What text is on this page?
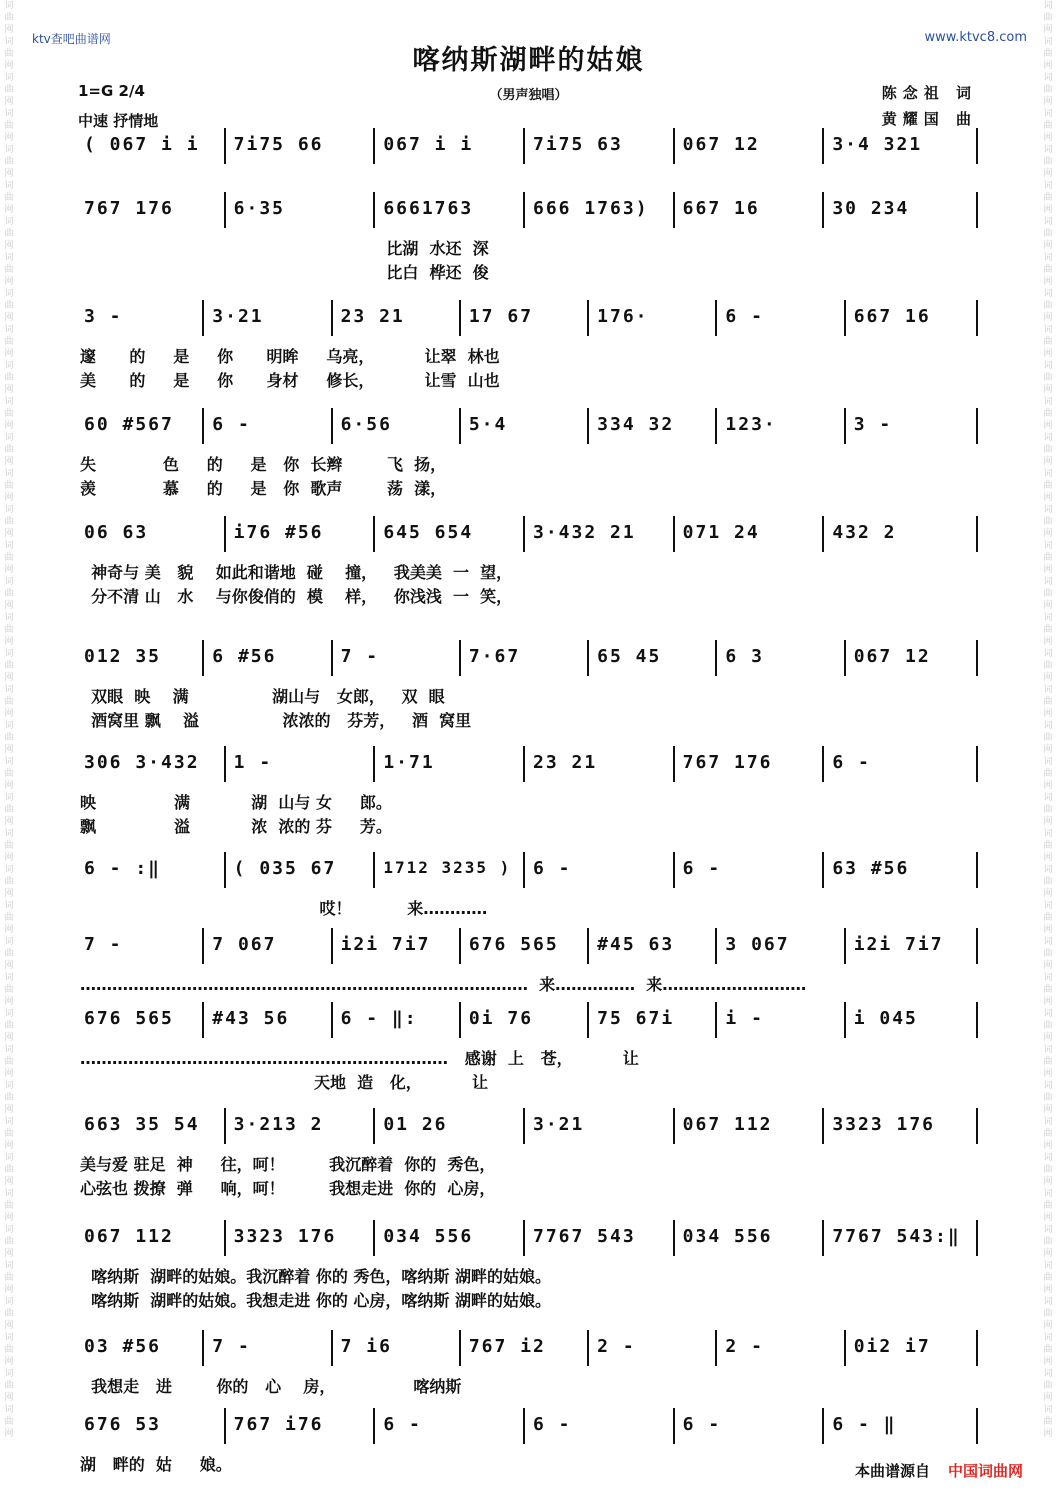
词曲网词曲网词曲网词曲网词曲网词曲网词曲网词曲网词曲网词曲网词曲网词曲网词曲网词曲网词曲网词曲网词曲网词曲网词曲网词曲网词曲网词曲网词曲网词曲网词曲网词曲网词曲网词曲网词曲网词曲网词曲网词曲网词曲网词曲网词曲网词曲网词曲网词曲网词曲网词曲网
词曲网词曲网词曲网词曲网词曲网词曲网词曲网词曲网词曲网词曲网词曲网词曲网词曲网词曲网词曲网词曲网词曲网词曲网词曲网词曲网词曲网词曲网词曲网词曲网词曲网词曲网词曲网词曲网词曲网词曲网词曲网词曲网词曲网词曲网词曲网词曲网词曲网词曲网词曲网词曲网
ktv查吧曲谱网	www.ktvc8.com
喀纳斯湖畔的姑娘
（男声独唱）
1=G 2/4
中速 抒情地
陈念祖 词
黄耀国 曲
( 067 i i 7i75 66	067 i i	7i75 63	067 12	3·4 321
767 176	6·35	6661763	666 1763) 667 16	30 234
比湖  水还  深
比白  桦还  俊
3 -	3·21	23 21	17 67	176·	6 -	667 16
邃      的     是     你      明眸     乌亮，         让翠  林也
美      的     是     你      身材     修长，         让雪  山也
60 #567 6 -	6·56	5·4	334 32	123·	3 -
失            色     的     是   你  长辫        飞  扬，
羡            慕     的     是   你  歌声        荡  漾，
06 63	i76 #56	645 654	3·432 21	071 24	432 2
神奇与 美   貌    如此和谐地  碰    撞，   我美美  一  望，
分不清 山   水    与你俊俏的  模    样，   你浅浅  一  笑，
012 35	6 #56	7 -	7·67	65 45	6 3	067 12
双眼  映    满               湖山与   女郎，   双  眼
酒窝里 飘    溢               浓浓的   芬芳，   酒  窝里
306 3·432 1 -	1·71	23 21	767 176	6 -
映              满           湖  山与 女     郎。
飘              溢           浓  浓的 芬     芳。
6 - :‖	( 035 67	1712 3235 ) 6 -	6 -	63 #56
哎！          来…………
7 -	7 067	i2i 7i7 676 565 #45 63	3 067	i2i 7i7
…………………………………………………………………………  来……………  来………………………
676 565 #43 56	6 - ‖:	0i 76	75 67i	i -	i 045
……………………………………………………………   感谢  上   苍，         让
天地  造   化，         让
663 35 54 3·213 2	01 26	3·21	067 112	3323 176
美与爱 驻足  神     往，呵！        我沉醉着  你的  秀色，
心弦也 拨撩  弹     响，呵！        我想走进  你的  心房，
067 112	3323 176	034 556	7767 543	034 556	7767 543:‖
喀纳斯  湖畔的姑娘。我沉醉着 你的 秀色，喀纳斯 湖畔的姑娘。
喀纳斯  湖畔的姑娘。我想走进 你的 心房，喀纳斯 湖畔的姑娘。
03 #56	7 -	7 i6	767 i2	2 -	2 -	0i2 i7
我想走   进        你的   心    房，              喀纳斯
676 53	767 i76	6 -	6 -	6 -	6 - ‖
湖   畔的  姑     娘。	本曲谱源自 中国词曲网
